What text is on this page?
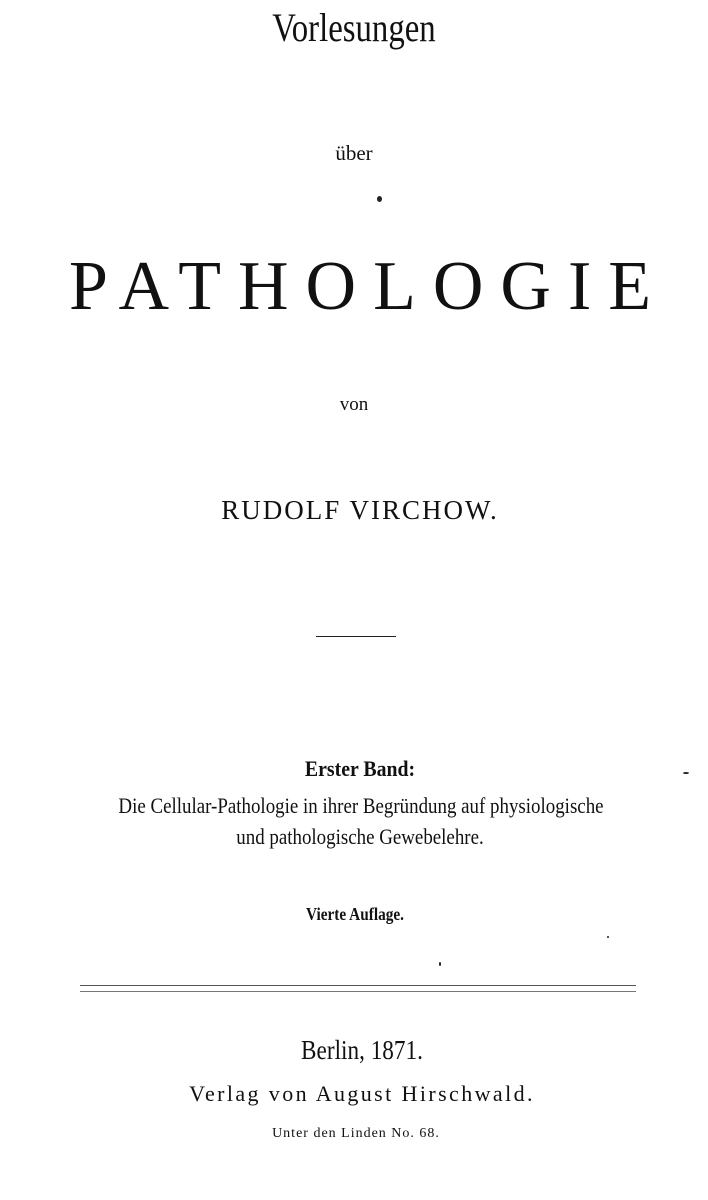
Vorlesungen
über
PATHOLOGIE
von
RUDOLF VIRCHOW.
Erster Band:
Die Cellular-Pathologie in ihrer Begründung auf physiologische
und pathologische Gewebelehre.
Vierte Auflage.
Berlin, 1871.
Verlag von August Hirschwald.
Unter den Linden No. 68.
